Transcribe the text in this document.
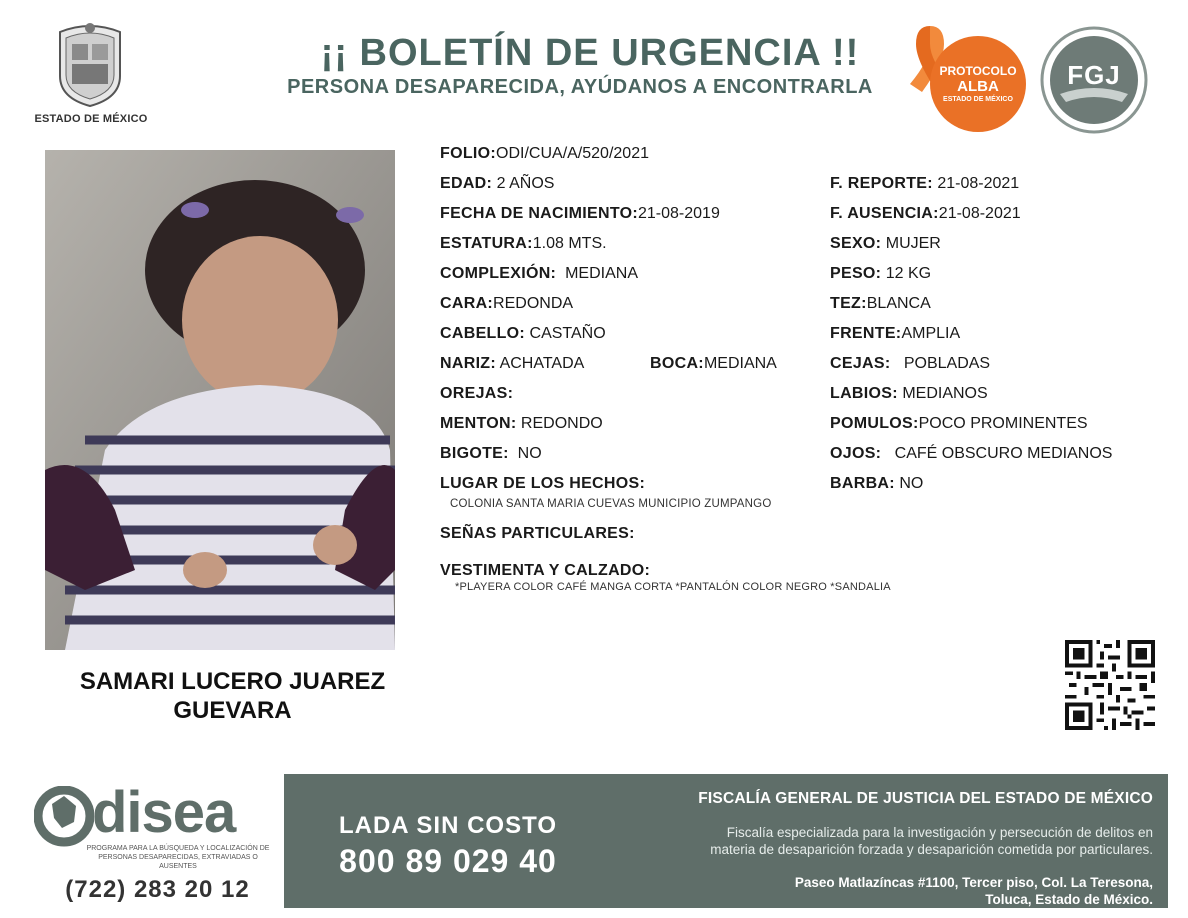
ESTADO DE MÉXICO
¡¡ BOLETÍN DE URGENCIA !!
PERSONA DESAPARECIDA, AYÚDANOS A ENCONTRARLA
PROTOCOLO
ALBA
ESTADO DE MÉXICO
FGJ
SAMARI LUCERO JUAREZ
GUEVARA
FOLIO:ODI/CUA/A/520/2021
EDAD: 2 AÑOS
FECHA DE NACIMIENTO:21-08-2019
ESTATURA:1.08 MTS.
COMPLEXIÓN: MEDIANA
CARA:REDONDA
CABELLO: CASTAÑO
NARIZ: ACHATADA	BOCA:MEDIANA
OREJAS:
MENTON: REDONDO
BIGOTE: NO
LUGAR DE LOS HECHOS:
COLONIA SANTA MARIA CUEVAS MUNICIPIO ZUMPANGO
SEÑAS PARTICULARES:
VESTIMENTA Y CALZADO:
*PLAYERA COLOR CAFÉ MANGA CORTA *PANTALÓN COLOR NEGRO *SANDALIA
F. REPORTE: 21-08-2021
F. AUSENCIA:21-08-2021
SEXO: MUJER
PESO: 12 KG
TEZ:BLANCA
FRENTE:AMPLIA
CEJAS: POBLADAS
LABIOS: MEDIANOS
POMULOS:POCO PROMINENTES
OJOS: CAFÉ OBSCURO MEDIANOS
BARBA: NO
disea
PROGRAMA PARA LA BÚSQUEDA Y LOCALIZACIÓN DE PERSONAS DESAPARECIDAS, EXTRAVIADAS O AUSENTES
(722) 283 20 12
LADA SIN COSTO
800 89 029 40
FISCALÍA GENERAL DE JUSTICIA DEL ESTADO DE MÉXICO
Fiscalía especializada para la investigación y persecución de delitos en
materia de desaparición forzada y desaparición cometida por particulares.
Paseo Matlazíncas #1100, Tercer piso, Col. La Teresona,
Toluca, Estado de México.
